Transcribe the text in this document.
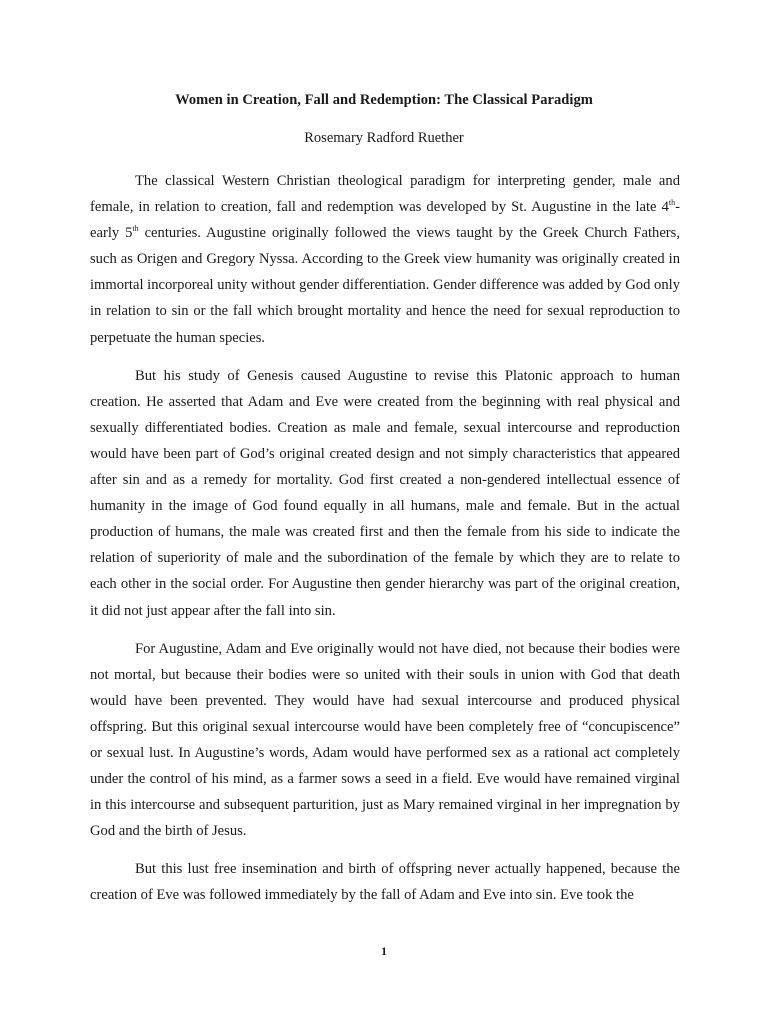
Women in Creation, Fall and Redemption: The Classical Paradigm
Rosemary Radford Ruether

The classical Western Christian theological paradigm for interpreting gender, male and female, in relation to creation, fall and redemption was developed by St. Augustine in the late 4th-early 5th centuries. Augustine originally followed the views taught by the Greek Church Fathers, such as Origen and Gregory Nyssa. According to the Greek view humanity was originally created in immortal incorporeal unity without gender differentiation. Gender difference was added by God only in relation to sin or the fall which brought mortality and hence the need for sexual reproduction to perpetuate the human species.

But his study of Genesis caused Augustine to revise this Platonic approach to human creation. He asserted that Adam and Eve were created from the beginning with real physical and sexually differentiated bodies. Creation as male and female, sexual intercourse and reproduction would have been part of God’s original created design and not simply characteristics that appeared after sin and as a remedy for mortality. God first created a non-gendered intellectual essence of humanity in the image of God found equally in all humans, male and female. But in the actual production of humans, the male was created first and then the female from his side to indicate the relation of superiority of male and the subordination of the female by which they are to relate to each other in the social order. For Augustine then gender hierarchy was part of the original creation, it did not just appear after the fall into sin.

For Augustine, Adam and Eve originally would not have died, not because their bodies were not mortal, but because their bodies were so united with their souls in union with God that death would have been prevented. They would have had sexual intercourse and produced physical offspring. But this original sexual intercourse would have been completely free of “concupiscence” or sexual lust. In Augustine’s words, Adam would have performed sex as a rational act completely under the control of his mind, as a farmer sows a seed in a field. Eve would have remained virginal in this intercourse and subsequent parturition, just as Mary remained virginal in her impregnation by God and the birth of Jesus.

But this lust free insemination and birth of offspring never actually happened, because the creation of Eve was followed immediately by the fall of Adam and Eve into sin. Eve took the

1
